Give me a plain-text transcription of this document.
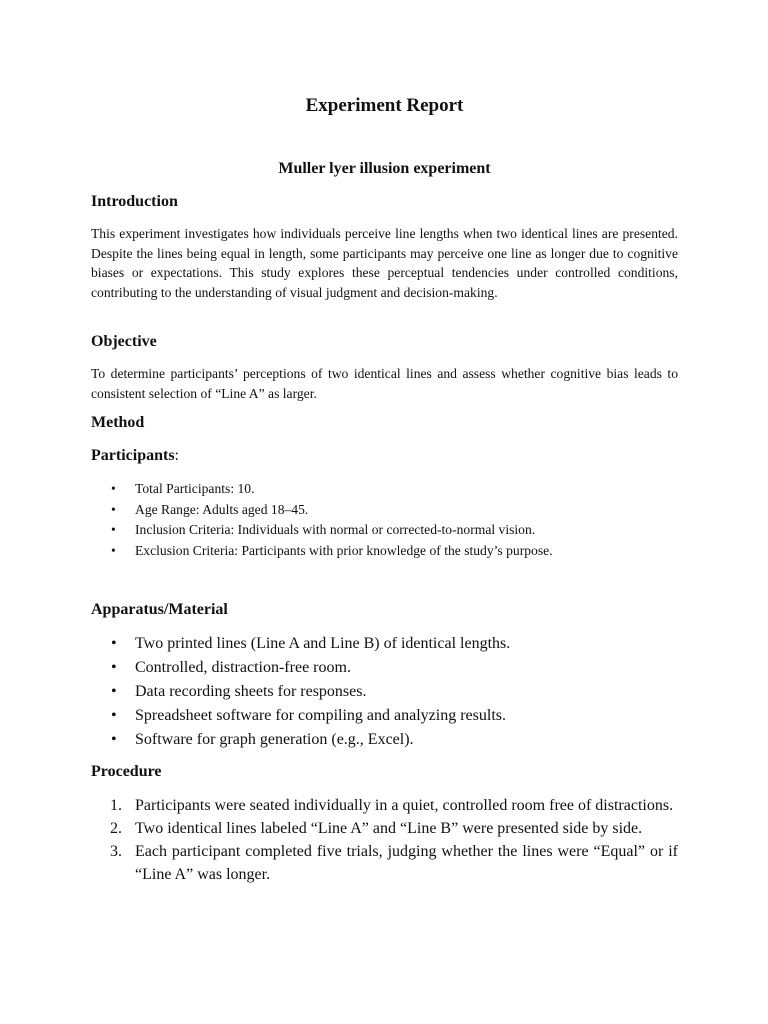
Experiment Report
Muller lyer illusion experiment
Introduction

This experiment investigates how individuals perceive line lengths when two identical lines are presented. Despite the lines being equal in length, some participants may perceive one line as longer due to cognitive biases or expectations. This study explores these perceptual tendencies under controlled conditions, contributing to the understanding of visual judgment and decision-making.

Objective

To determine participants’ perceptions of two identical lines and assess whether cognitive bias leads to consistent selection of “Line A” as larger.

Method

Participants:

• Total Participants: 10.
• Age Range: Adults aged 18–45.
• Inclusion Criteria: Individuals with normal or corrected-to-normal vision.
• Exclusion Criteria: Participants with prior knowledge of the study’s purpose.
Apparatus/Material
• Two printed lines (Line A and Line B) of identical lengths.
• Controlled, distraction-free room.
• Data recording sheets for responses.
• Spreadsheet software for compiling and analyzing results.
• Software for graph generation (e.g., Excel).
Procedure
1. Participants were seated individually in a quiet, controlled room free of distractions.
2. Two identical lines labeled “Line A” and “Line B” were presented side by side.
3. Each participant completed five trials, judging whether the lines were “Equal” or if “Line A” was longer.
